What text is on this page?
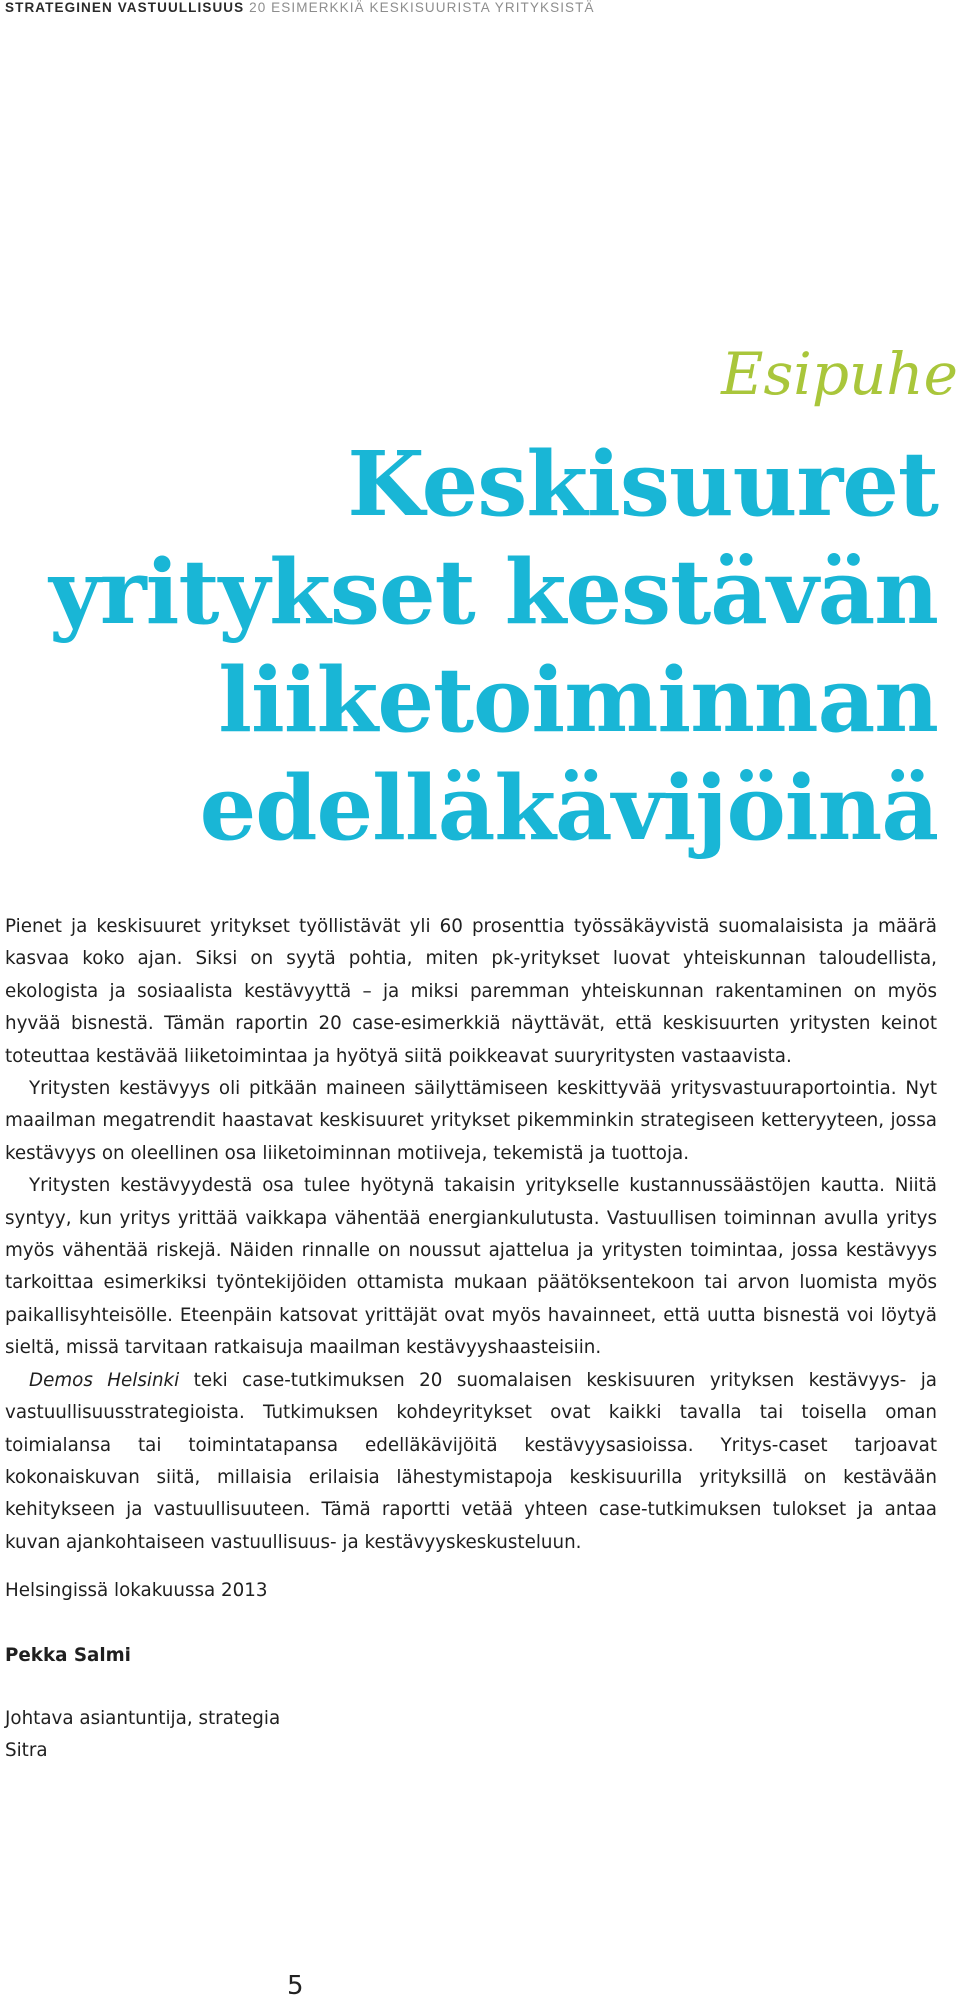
STRATEGINEN VASTUULLISUUS 20 ESIMERKKIÄ KESKISUURISTA YRITYKSISTÄ
Esipuhe
Keskisuuret
yritykset kestävän
liiketoiminnan
edelläkävijöinä

Pienet ja keskisuuret yritykset työllistävät yli 60 prosenttia työssäkäyvistä suomalaisista ja määrä kasvaa koko ajan. Siksi on syytä pohtia, miten pk-yritykset luovat yhteiskunnan taloudellista, ekologista ja sosiaalista kestävyyttä – ja miksi paremman yhteiskunnan rakentaminen on myös hyvää bisnestä. Tämän raportin 20 case-esimerkkiä näyttävät, että keskisuurten yritysten keinot toteuttaa kestävää liiketoimintaa ja hyötyä siitä poikkeavat suuryritysten vastaavista.

Yritysten kestävyys oli pitkään maineen säilyttämiseen keskittyvää yritysvastuuraportointia. Nyt maailman megatrendit haastavat keskisuuret yritykset pikemminkin strategiseen ketteryyteen, jossa kestävyys on oleellinen osa liiketoiminnan motiiveja, tekemistä ja tuottoja.

Yritysten kestävyydestä osa tulee hyötynä takaisin yritykselle kustannussäästöjen kautta. Niitä syntyy, kun yritys yrittää vaikkapa vähentää energiankulutusta. Vastuullisen toiminnan avulla yritys myös vähentää riskejä. Näiden rinnalle on noussut ajattelua ja yritysten toimintaa, jossa kestävyys tarkoittaa esimerkiksi työntekijöiden ottamista mukaan päätöksentekoon tai arvon luomista myös paikallisyhteisölle. Eteenpäin katsovat yrittäjät ovat myös havainneet, että uutta bisnestä voi löytyä sieltä, missä tarvitaan ratkaisuja maailman kestävyyshaasteisiin.

Demos Helsinki teki case-tutkimuksen 20 suomalaisen keskisuuren yrityksen kestävyys- ja vastuullisuusstrategioista. Tutkimuksen kohdeyritykset ovat kaikki tavalla tai toisella oman toimialansa tai toimintatapansa edelläkävijöitä kestävyysasioissa. Yritys-caset tarjoavat kokonaiskuvan siitä, millaisia erilaisia lähestymistapoja keskisuurilla yrityksillä on kestävään kehitykseen ja vastuullisuuteen. Tämä raportti vetää yhteen case-tutkimuksen tulokset ja antaa kuvan ajankohtaiseen vastuullisuus- ja kestävyyskeskusteluun.

Helsingissä lokakuussa 2013
Pekka Salmi
Johtava asiantuntija, strategia
Sitra
5
